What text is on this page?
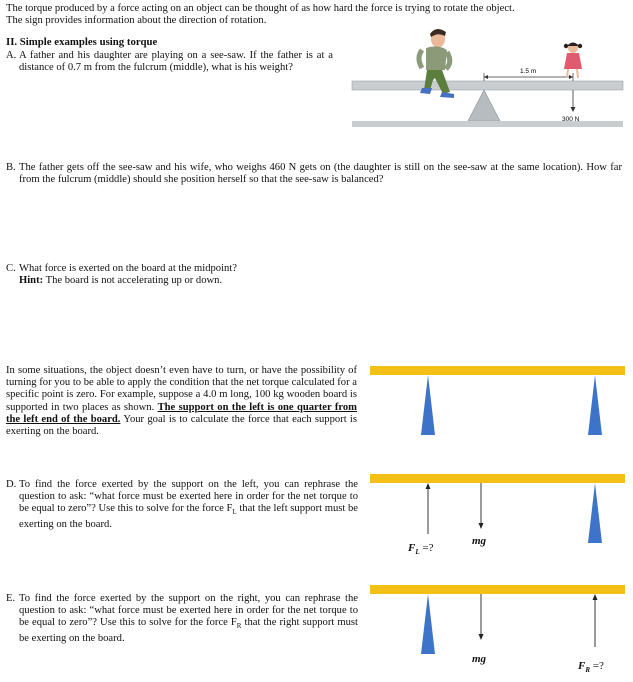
The torque produced by a force acting on an object can be thought of as how hard the force is trying to rotate the object.
The sign provides information about the direction of rotation.
II. Simple examples using torque
A. A father and his daughter are playing on a see-saw. If the father is at a distance of 0.7 m from the fulcrum (middle), what is his weight?	1.5 m
300 N
B. The father gets off the see-saw and his wife, who weighs 460 N gets on (the daughter is still on the see-saw at the same location). How far from the fulcrum (middle) should she position herself so that the see-saw is balanced?
C. What force is exerted on the board at the midpoint?
Hint: The board is not accelerating up or down.
In some situations, the object doesn’t even have to turn, or have the possibility of turning for you to be able to apply the condition that the net torque calculated for a specific point is zero. For example, suppose a 4.0 m long, 100 kg wooden board is supported in two places as shown. The support on the left is one quarter from the left end of the board. Your goal is to calculate the force that each support is exerting on the board.
D. To find the force exerted by the support on the left, you can rephrase the question to ask: “what force must be exerted here in order for the net torque to be equal to zero”? Use this to solve for the force $F_L$ that the left support must be exerting on the board.
E. To find the force exerted by the support on the right, you can rephrase the question to ask: “what force must be exerted here in order for the net torque to be equal to zero”? Use this to solve for the force $F_R$ that the right support must be exerting on the board.
$F_L$ =?
mg
mg
$F_R$ =?
